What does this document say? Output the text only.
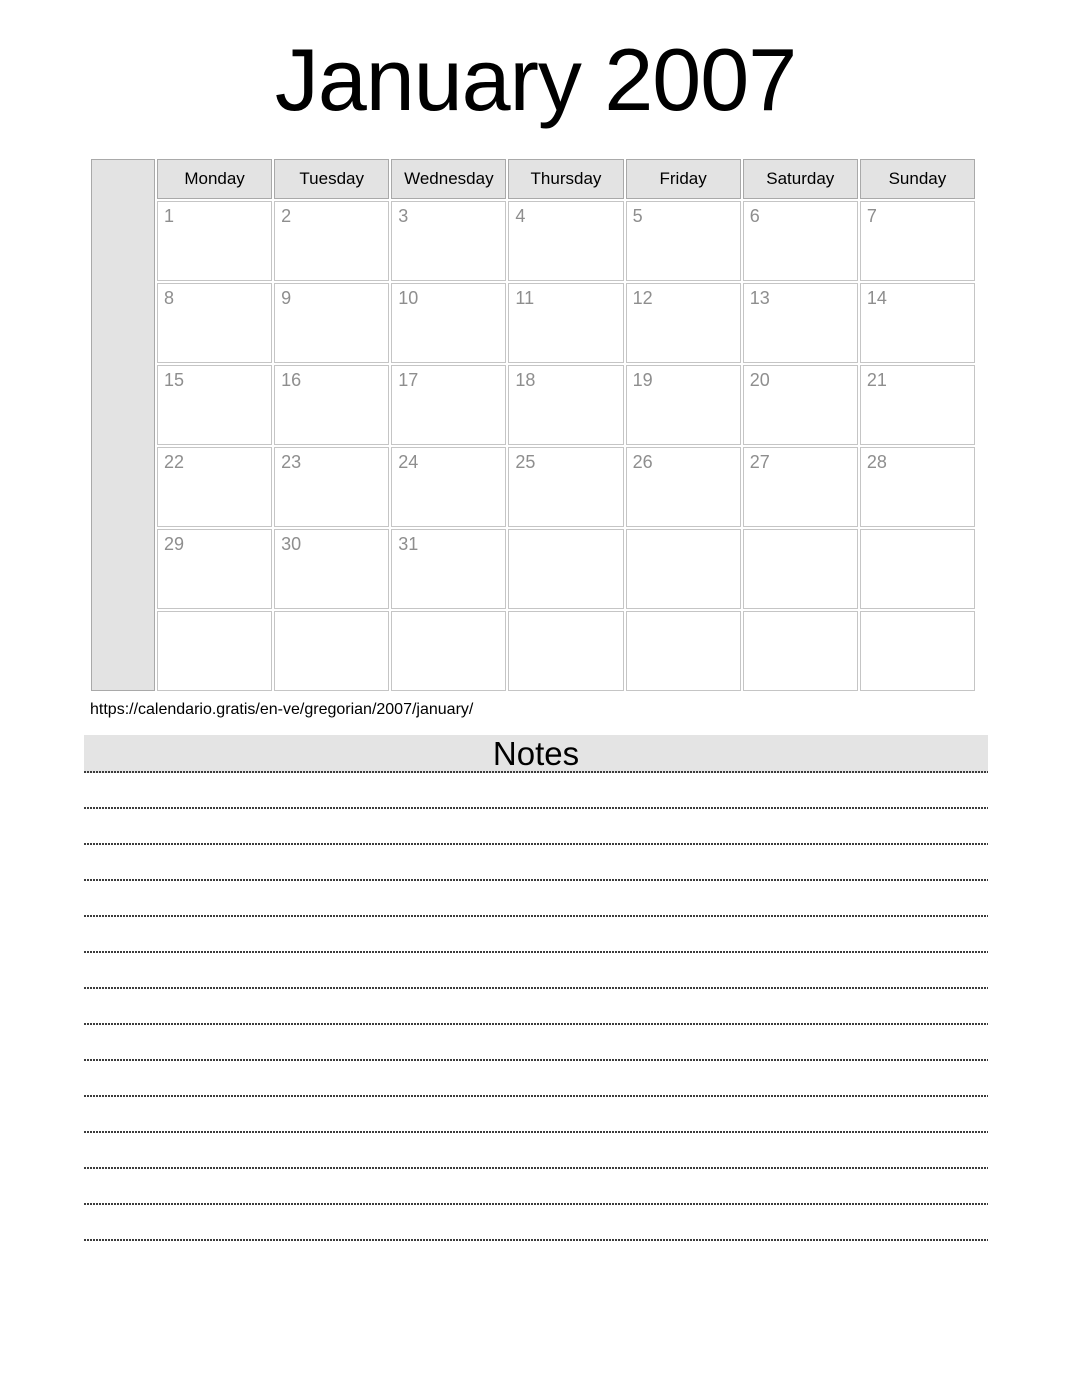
January 2007
	Monday	Tuesday	Wednesday	Thursday	Friday	Saturday	Sunday
	1	2	3	4	5	6	7
	8	9	10	11	12	13	14
	15	16	17	18	19	20	21
	22	23	24	25	26	27	28
	29	30	31				

https://calendario.gratis/en-ve/gregorian/2007/january/
Notes
